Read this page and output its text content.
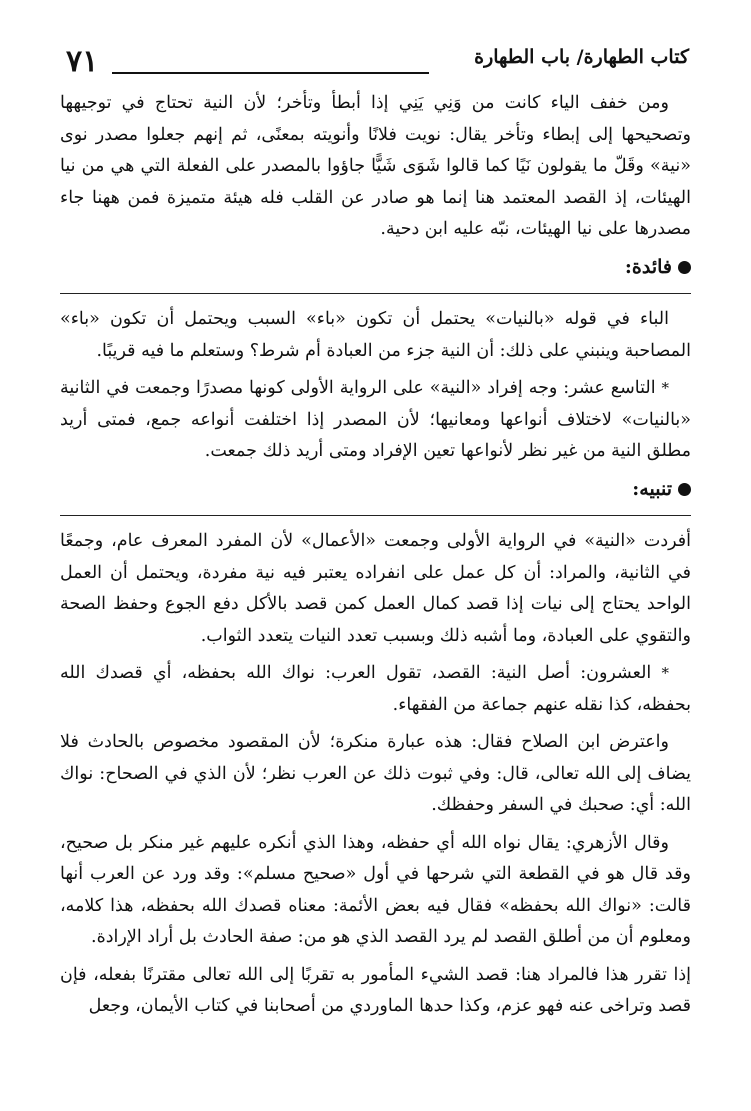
٧١	كتاب الطهارة/ باب الطهارة

ومن خفف الياء كانت من وَنِي يَنِي إذا أبطأ وتأخر؛ لأن النية تحتاج في توجيهها وتصحيحها إلى إبطاء وتأخر يقال: نويت فلانًا وأنويته بمعنًى، ثم إنهم جعلوا مصدر نوى «نية» وقَلّ ما يقولون نَيًا كما قالوا شَوَى شَيًّا جاؤوا بالمصدر على الفعلة التي هي من نيا الهيئات، إذ القصد المعتمد هنا إنما هو صادر عن القلب فله هيئة متميزة فمن ههنا جاء مصدرها على نيا الهيئات، نبّه عليه ابن دحية.

فائدة:

الباء في قوله «بالنيات» يحتمل أن تكون «باء» السبب ويحتمل أن تكون «باء» المصاحبة وينبني على ذلك: أن النية جزء من العبادة أم شرط؟ وستعلم ما فيه قريبًا.

* التاسع عشر: وجه إفراد «النية» على الرواية الأولى كونها مصدرًا وجمعت في الثانية «بالنيات» لاختلاف أنواعها ومعانيها؛ لأن المصدر إذا اختلفت أنواعه جمع، فمتى أريد مطلق النية من غير نظر لأنواعها تعين الإفراد ومتى أريد ذلك جمعت.

تنبيه:

أفردت «النية» في الرواية الأولى وجمعت «الأعمال» لأن المفرد المعرف عام، وجمعًا في الثانية، والمراد: أن كل عمل على انفراده يعتبر فيه نية مفردة، ويحتمل أن العمل الواحد يحتاج إلى نيات إذا قصد كمال العمل كمن قصد بالأكل دفع الجوع وحفظ الصحة والتقوي على العبادة، وما أشبه ذلك وبسبب تعدد النيات يتعدد الثواب.

* العشرون: أصل النية: القصد، تقول العرب: نواك الله بحفظه، أي قصدك الله بحفظه، كذا نقله عنهم جماعة من الفقهاء.

واعترض ابن الصلاح فقال: هذه عبارة منكرة؛ لأن المقصود مخصوص بالحادث فلا يضاف إلى الله تعالى، قال: وفي ثبوت ذلك عن العرب نظر؛ لأن الذي في الصحاح: نواك الله: أي: صحبك في السفر وحفظك.

وقال الأزهري: يقال نواه الله أي حفظه، وهذا الذي أنكره عليهم غير منكر بل صحيح، وقد قال هو في القطعة التي شرحها في أول «صحيح مسلم»: وقد ورد عن العرب أنها قالت: «نواك الله بحفظه» فقال فيه بعض الأئمة: معناه قصدك الله بحفظه، هذا كلامه، ومعلوم أن من أطلق القصد لم يرد القصد الذي هو من: صفة الحادث بل أراد الإرادة.

إذا تقرر هذا فالمراد هنا: قصد الشيء المأمور به تقربًا إلى الله تعالى مقترنًا بفعله، فإن قصد وتراخى عنه فهو عزم، وكذا حدها الماوردي من أصحابنا في كتاب الأيمان، وجعل
